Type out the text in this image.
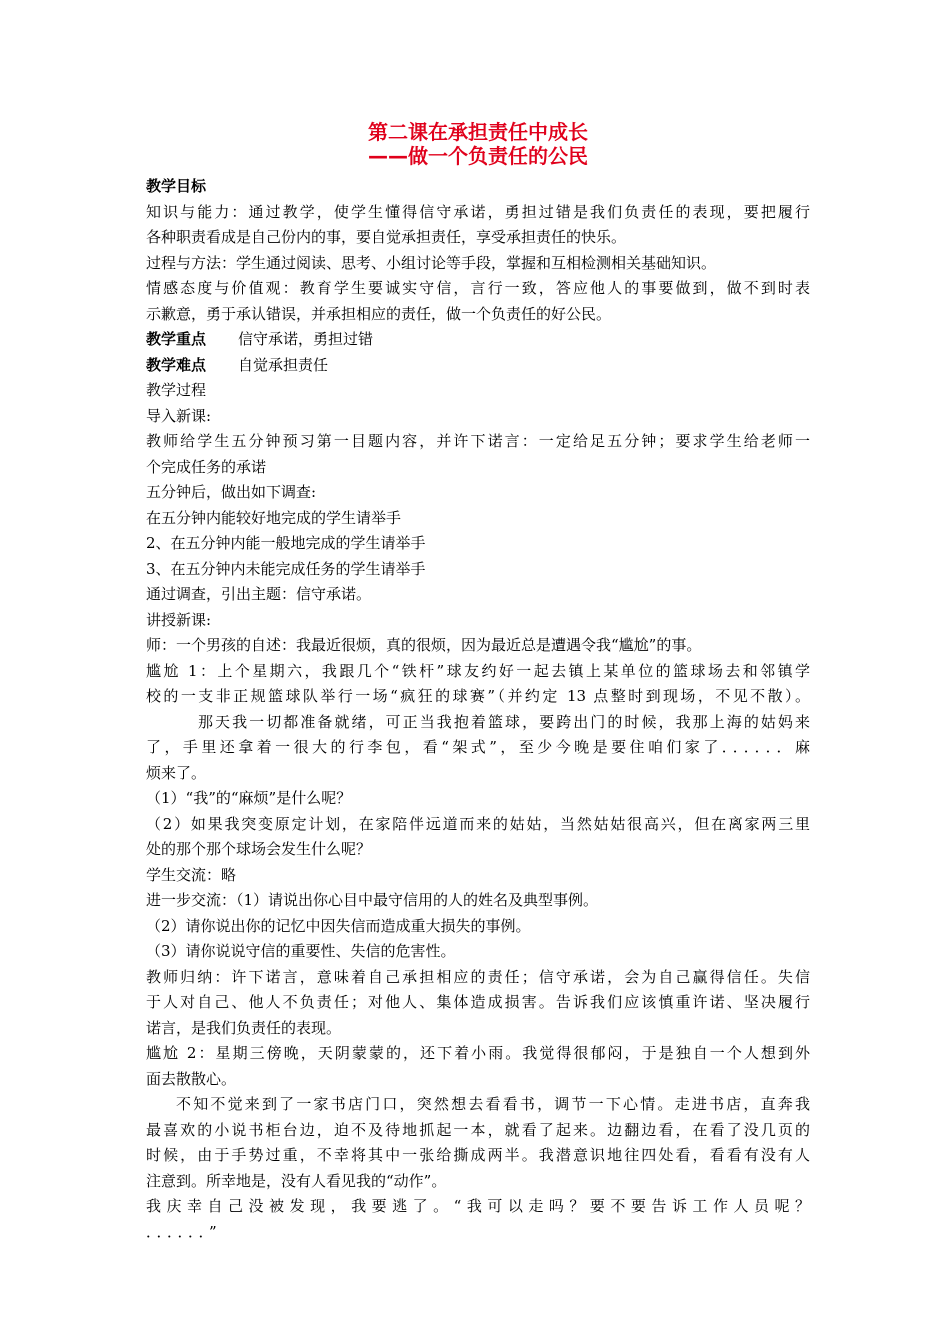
第二课在承担责任中成长
——做一个负责任的公民
教学目标
知识与能力：通过教学，使学生懂得信守承诺，勇担过错是我们负责任的表现，要把履行
各种职责看成是自己份内的事，要自觉承担责任，享受承担责任的快乐。
过程与方法：学生通过阅读、思考、小组讨论等手段，掌握和互相检测相关基础知识。
情感态度与价值观：教育学生要诚实守信，言行一致，答应他人的事要做到，做不到时表
示歉意，勇于承认错误，并承担相应的责任，做一个负责任的好公民。
教学重点 信守承诺，勇担过错
教学难点 自觉承担责任
教学过程
导入新课:
教师给学生五分钟预习第一目题内容，并许下诺言：一定给足五分钟；要求学生给老师一
个完成任务的承诺
五分钟后，做出如下调查:
在五分钟内能较好地完成的学生请举手
2、在五分钟内能一般地完成的学生请举手
3、在五分钟内未能完成任务的学生请举手
通过调查，引出主题：信守承诺。
讲授新课:
师：一个男孩的自述：我最近很烦，真的很烦，因为最近总是遭遇令我“尴尬”的事。
尴尬 1：上个星期六，我跟几个“铁杆”球友约好一起去镇上某单位的篮球场去和邻镇学
校的一支非正规篮球队举行一场“疯狂的球赛”（并约定 13 点整时到现场，不见不散）。
那天我一切都准备就绪，可正当我抱着篮球，要跨出门的时候，我那上海的姑妈来
了，手里还拿着一很大的行李包，看“架式”，至少今晚是要住咱们家了．．．．．．麻
烦来了。
（1）“我”的“麻烦”是什么呢？
（2）如果我突变原定计划，在家陪伴远道而来的姑姑，当然姑姑很高兴，但在离家两三里
处的那个那个球场会发生什么呢？
学生交流：略
进一步交流：（1）请说出你心目中最守信用的人的姓名及典型事例。
（2）请你说出你的记忆中因失信而造成重大损失的事例。
（3）请你说说守信的重要性、失信的危害性。
教师归纳：许下诺言，意味着自己承担相应的责任；信守承诺，会为自己赢得信任。失信
于人对自己、他人不负责任；对他人、集体造成损害。告诉我们应该慎重许诺、坚决履行
诺言，是我们负责任的表现。
尴尬 2：星期三傍晚，天阴蒙蒙的，还下着小雨。我觉得很郁闷，于是独自一个人想到外
面去散散心。
不知不觉来到了一家书店门口，突然想去看看书，调节一下心情。走进书店，直奔我
最喜欢的小说书柜台边，迫不及待地抓起一本，就看了起来。边翻边看，在看了没几页的
时候，由于手势过重，不幸将其中一张给撕成两半。我潜意识地往四处看，看看有没有人
注意到。所幸地是，没有人看见我的“动作”。
我庆幸自己没被发现，我要逃了。“我可以走吗？要不要告诉工作人员呢？
．．．．．．”
